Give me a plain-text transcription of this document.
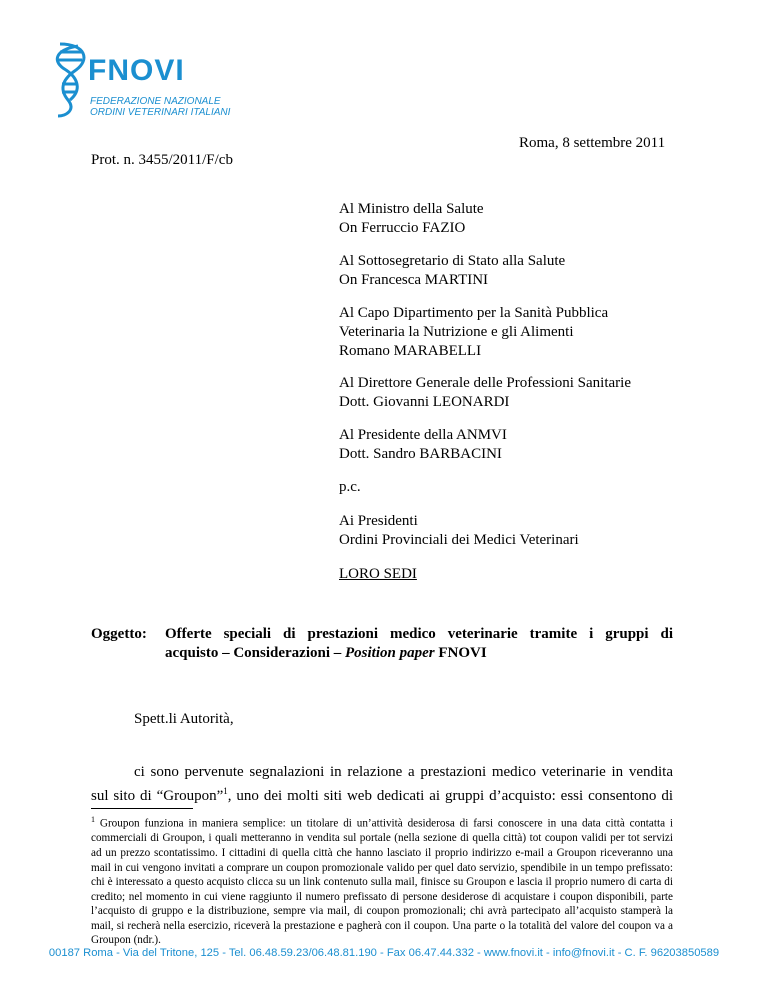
FNOVI
FEDERAZIONE NAZIONALE
ORDINI VETERINARI ITALIANI
Roma, 8 settembre 2011
Prot. n. 3455/2011/F/cb
Al Ministro della Salute
On Ferruccio FAZIO
Al Sottosegretario di Stato alla Salute
On Francesca MARTINI
Al Capo Dipartimento per la Sanità Pubblica
Veterinaria la Nutrizione e gli Alimenti
Romano MARABELLI
Al Direttore Generale delle Professioni Sanitarie
Dott. Giovanni LEONARDI
Al Presidente della ANMVI
Dott. Sandro BARBACINI
p.c.
Ai Presidenti
Ordini Provinciali dei Medici Veterinari
LORO SEDI
Oggetto: Offerte speciali di prestazioni medico veterinarie tramite i gruppi di
acquisto – Considerazioni – Position paper FNOVI
Spett.li Autorità,

ci sono pervenute segnalazioni in relazione a prestazioni medico veterinarie in vendita

sul sito di “Groupon”$^1$, uno dei molti siti web dedicati ai gruppi d’acquisto: essi consentono di

$^1$ Groupon funziona in maniera semplice: un titolare di un’attività desiderosa di farsi conoscere in una data città contatta i commerciali di Groupon, i quali metteranno in vendita sul portale (nella sezione di quella città) tot coupon validi per tot servizi ad un prezzo scontatissimo. I cittadini di quella città che hanno lasciato il proprio indirizzo e-mail a Groupon riceveranno una mail in cui vengono invitati a comprare un coupon promozionale valido per quel dato servizio, spendibile in un tempo prefissato: chi è interessato a questo acquisto clicca su un link contenuto sulla mail, finisce su Groupon e lascia il proprio numero di carta di credito; nel momento in cui viene raggiunto il numero prefissato di persone desiderose di acquistare i coupon disponibili, parte l’acquisto di gruppo e la distribuzione, sempre via mail, di coupon promozionali; chi avrà partecipato all’acquisto stamperà la mail, si recherà nella esercizio, riceverà la prestazione e pagherà con il coupon. Una parte o la totalità del valore del coupon va a Groupon (ndr.).
00187 Roma - Via del Tritone, 125 - Tel. 06.48.59.23/06.48.81.190 - Fax 06.47.44.332 - www.fnovi.it - info@fnovi.it - C. F. 96203850589
